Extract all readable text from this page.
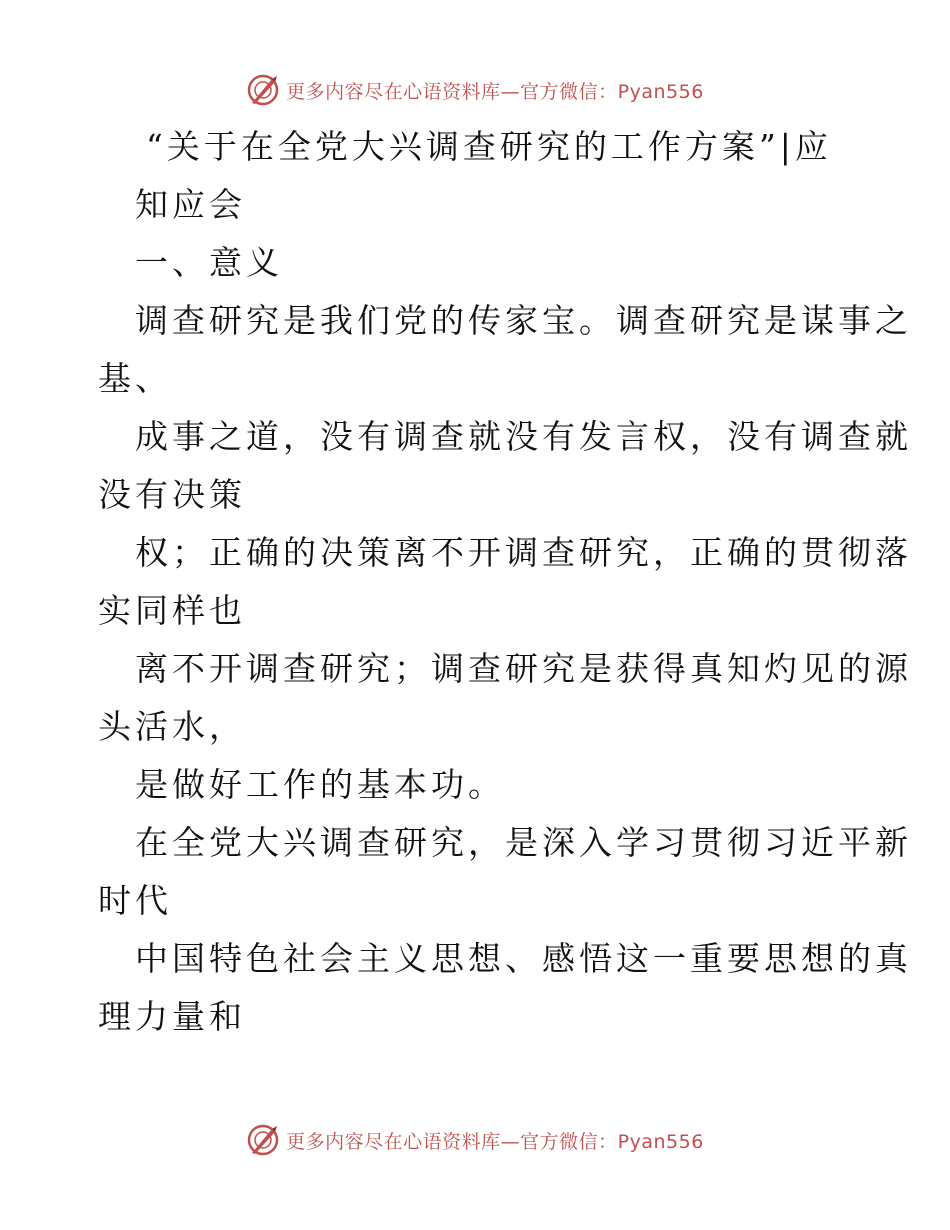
更多内容尽在心语资料库—官方微信：Pyan556
“关于在全党大兴调查研究的工作方案”|应
知应会
一、意义
调查研究是我们党的传家宝。调查研究是谋事之
基、
成事之道，没有调查就没有发言权，没有调查就
没有决策
权；正确的决策离不开调查研究，正确的贯彻落
实同样也
离不开调查研究；调查研究是获得真知灼见的源
头活水，
是做好工作的基本功。
在全党大兴调查研究，是深入学习贯彻习近平新
时代
中国特色社会主义思想、感悟这一重要思想的真
理力量和
更多内容尽在心语资料库—官方微信：Pyan556
